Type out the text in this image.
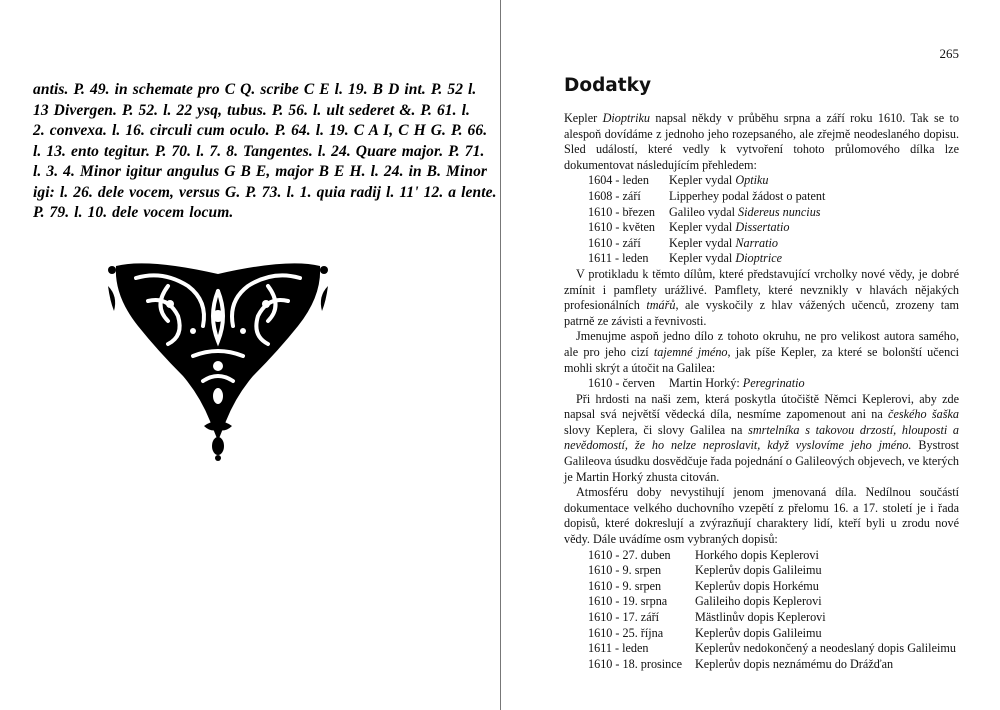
antis. P. 49. in schemate pro C Q. scribe C E l. 19. B D int. P. 52 l.
13 Divergen. P. 52. l. 22 ysq, tubus. P. 56. l. ult sederet &. P. 61. l.
2. convexa. l. 16. circuli cum oculo. P. 64. l. 19. C A I, C H G. P. 66.
l. 13. ento tegitur. P. 70. l. 7. 8. Tangentes. l. 24. Quare major. P. 71.
l. 3. 4. Minor igitur angulus G B E, major B E H. l. 24. in B. Minor
igi: l. 26. dele vocem, versus G. P. 73. l. 1. quia radij l. 11' 12. a lente.
P. 79. l. 10. dele vocem locum.
265
Dodatky

Kepler Dioptriku napsal někdy v průběhu srpna a září roku 1610. Tak se to alespoň dovídáme z jednoho jeho rozepsaného, ale zřejmě neodeslaného dopisu. Sled událostí, které vedly k vytvoření tohoto průlomového dílka lze dokumentovat následujícím přehledem:

1604 - leden	Kepler vydal Optiku
1608 - září	Lipperhey podal žádost o patent
1610 - březen	Galileo vydal Sidereus nuncius
1610 - květen	Kepler vydal Dissertatio
1610 - září	Kepler vydal Narratio
1611 - leden	Kepler vydal Dioptrice

V protikladu k těmto dílům, které představující vrcholky nové vědy, je dobré zmínit i pamflety urážlivé. Pamflety, které nevznikly v hlavách nějakých profesionálních tmářů, ale vyskočily z hlav vážených učenců, zrozeny tam patrně ze závisti a řevnivosti.

Jmenujme aspoň jedno dílo z tohoto okruhu, ne pro velikost autora samého, ale pro jeho cizí tajemné jméno, jak píše Kepler, za které se bolonští učenci mohli skrýt a útočit na Galilea:

1610 - červen	Martin Horký: Peregrinatio

Při hrdosti na naši zem, která poskytla útočiště Němci Keplerovi, aby zde napsal svá největší vědecká díla, nesmíme zapomenout ani na českého šaška slovy Keplera, či slovy Galilea na smrtelníka s takovou drzostí, hlouposti a nevědomostí, že ho nelze neproslavit, když vyslovíme jeho jméno. Bystrost Galileova úsudku dosvědčuje řada pojednání o Galileových objevech, ve kterých je Martin Horký zhusta citován.

Atmosféru doby nevystihují jenom jmenovaná díla. Nedílnou součástí dokumentace velkého duchovního vzepětí z přelomu 16. a 17. století je i řada dopisů, které dokreslují a zvýrazňují charaktery lidí, kteří byli u zrodu nové vědy. Dále uvádíme osm vybraných dopisů:

1610 - 27. duben	Horkého dopis Keplerovi
1610 - 9. srpen	Keplerův dopis Galileimu
1610 - 9. srpen	Keplerův dopis Horkému
1610 - 19. srpna	Galileiho dopis Keplerovi
1610 - 17. září	Mästlinův dopis Keplerovi
1610 - 25. října	Keplerův dopis Galileimu
1611 - leden	Keplerův nedokončený a neodeslaný dopis Galileimu
1610 - 18. prosince	Keplerův dopis neznámému do Drážďan
